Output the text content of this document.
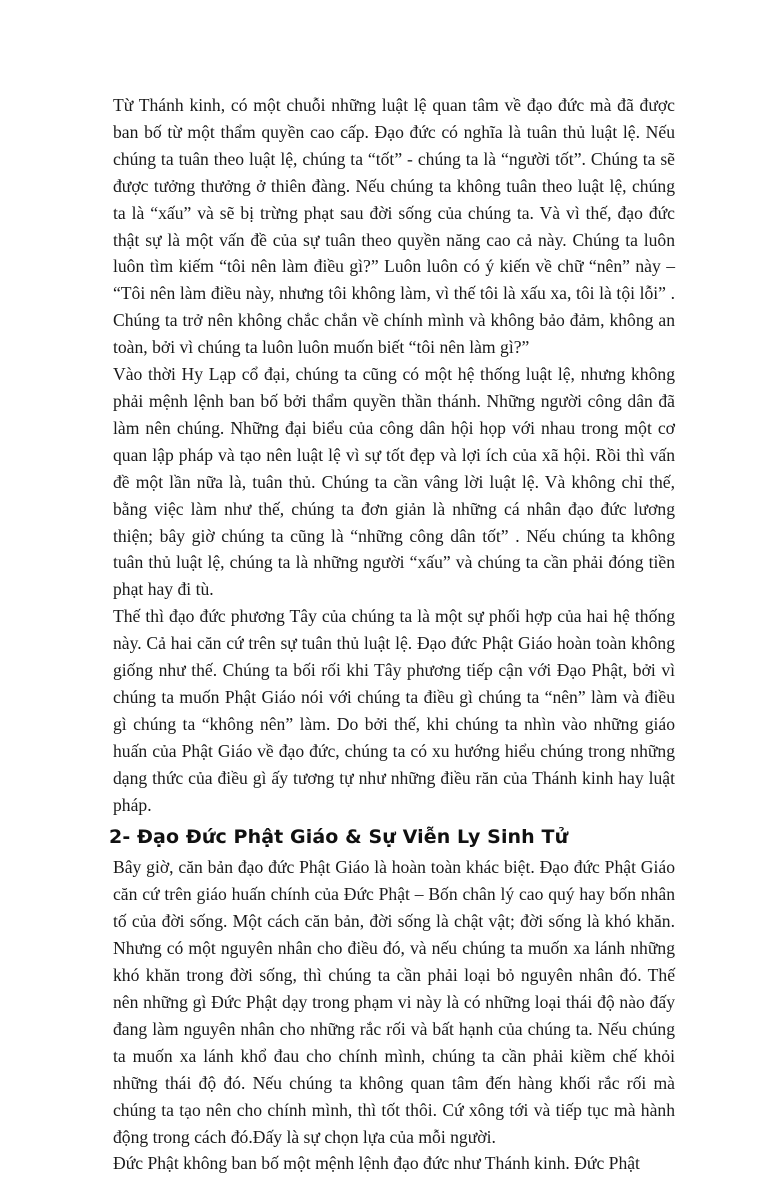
Từ Thánh kinh, có một chuỗi những luật lệ quan tâm về đạo đức mà đã được ban bố từ một thẩm quyền cao cấp. Đạo đức có nghĩa là tuân thủ luật lệ. Nếu chúng ta tuân theo luật lệ, chúng ta “tốt” - chúng ta là “người tốt”. Chúng ta sẽ được tưởng thưởng ở thiên đàng. Nếu chúng ta không tuân theo luật lệ, chúng ta là “xấu” và sẽ bị trừng phạt sau đời sống của chúng ta. Và vì thế, đạo đức thật sự là một vấn đề của sự tuân theo quyền năng cao cả này. Chúng ta luôn luôn tìm kiếm “tôi nên làm điều gì?” Luôn luôn có ý kiến về chữ “nên” này – “Tôi nên làm điều này, nhưng tôi không làm, vì thế tôi là xấu xa, tôi là tội lỗi” . Chúng ta trở nên không chắc chắn về chính mình và không bảo đảm, không an toàn, bởi vì chúng ta luôn luôn muốn biết “tôi nên làm gì?”

Vào thời Hy Lạp cổ đại, chúng ta cũng có một hệ thống luật lệ, nhưng không phải mệnh lệnh ban bố bởi thẩm quyền thần thánh. Những người công dân đã làm nên chúng. Những đại biểu của công dân hội họp với nhau trong một cơ quan lập pháp và tạo nên luật lệ vì sự tốt đẹp và lợi ích của xã hội. Rồi thì vấn đề một lần nữa là, tuân thủ. Chúng ta cần vâng lời luật lệ. Và không chỉ thế, bằng việc làm như thế, chúng ta đơn giản là những cá nhân đạo đức lương thiện; bây giờ chúng ta cũng là “những công dân tốt” . Nếu chúng ta không tuân thủ luật lệ, chúng ta là những người “xấu” và chúng ta cần phải đóng tiền phạt hay đi tù.

Thế thì đạo đức phương Tây của chúng ta là một sự phối hợp của hai hệ thống này. Cả hai căn cứ trên sự tuân thủ luật lệ. Đạo đức Phật Giáo hoàn toàn không giống như thế. Chúng ta bối rối khi Tây phương tiếp cận với Đạo Phật, bởi vì chúng ta muốn Phật Giáo nói với chúng ta điều gì chúng ta “nên” làm và điều gì chúng ta “không nên” làm. Do bởi thế, khi chúng ta nhìn vào những giáo huấn của Phật Giáo về đạo đức, chúng ta có xu hướng hiểu chúng trong những dạng thức của điều gì ấy tương tự như những điều răn của Thánh kinh hay luật pháp.

2- Đạo Đức Phật Giáo & Sự Viễn Ly Sinh Tử

Bây giờ, căn bản đạo đức Phật Giáo là hoàn toàn khác biệt. Đạo đức Phật Giáo căn cứ trên giáo huấn chính của Đức Phật – Bốn chân lý cao quý hay bốn nhân tố của đời sống. Một cách căn bản, đời sống là chật vật; đời sống là khó khăn. Nhưng có một nguyên nhân cho điều đó, và nếu chúng ta muốn xa lánh những khó khăn trong đời sống, thì chúng ta cần phải loại bỏ nguyên nhân đó. Thế nên những gì Đức Phật dạy trong phạm vi này là có những loại thái độ nào đấy đang làm nguyên nhân cho những rắc rối và bất hạnh của chúng ta. Nếu chúng ta muốn xa lánh khổ đau cho chính mình, chúng ta cần phải kiềm chế khỏi những thái độ đó. Nếu chúng ta không quan tâm đến hàng khối rắc rối mà chúng ta tạo nên cho chính mình, thì tốt thôi. Cứ xông tới và tiếp tục mà hành động trong cách đó.Đấy là sự chọn lựa của mỗi người.

Đức Phật không ban bố một mệnh lệnh đạo đức như Thánh kinh. Đức Phật
